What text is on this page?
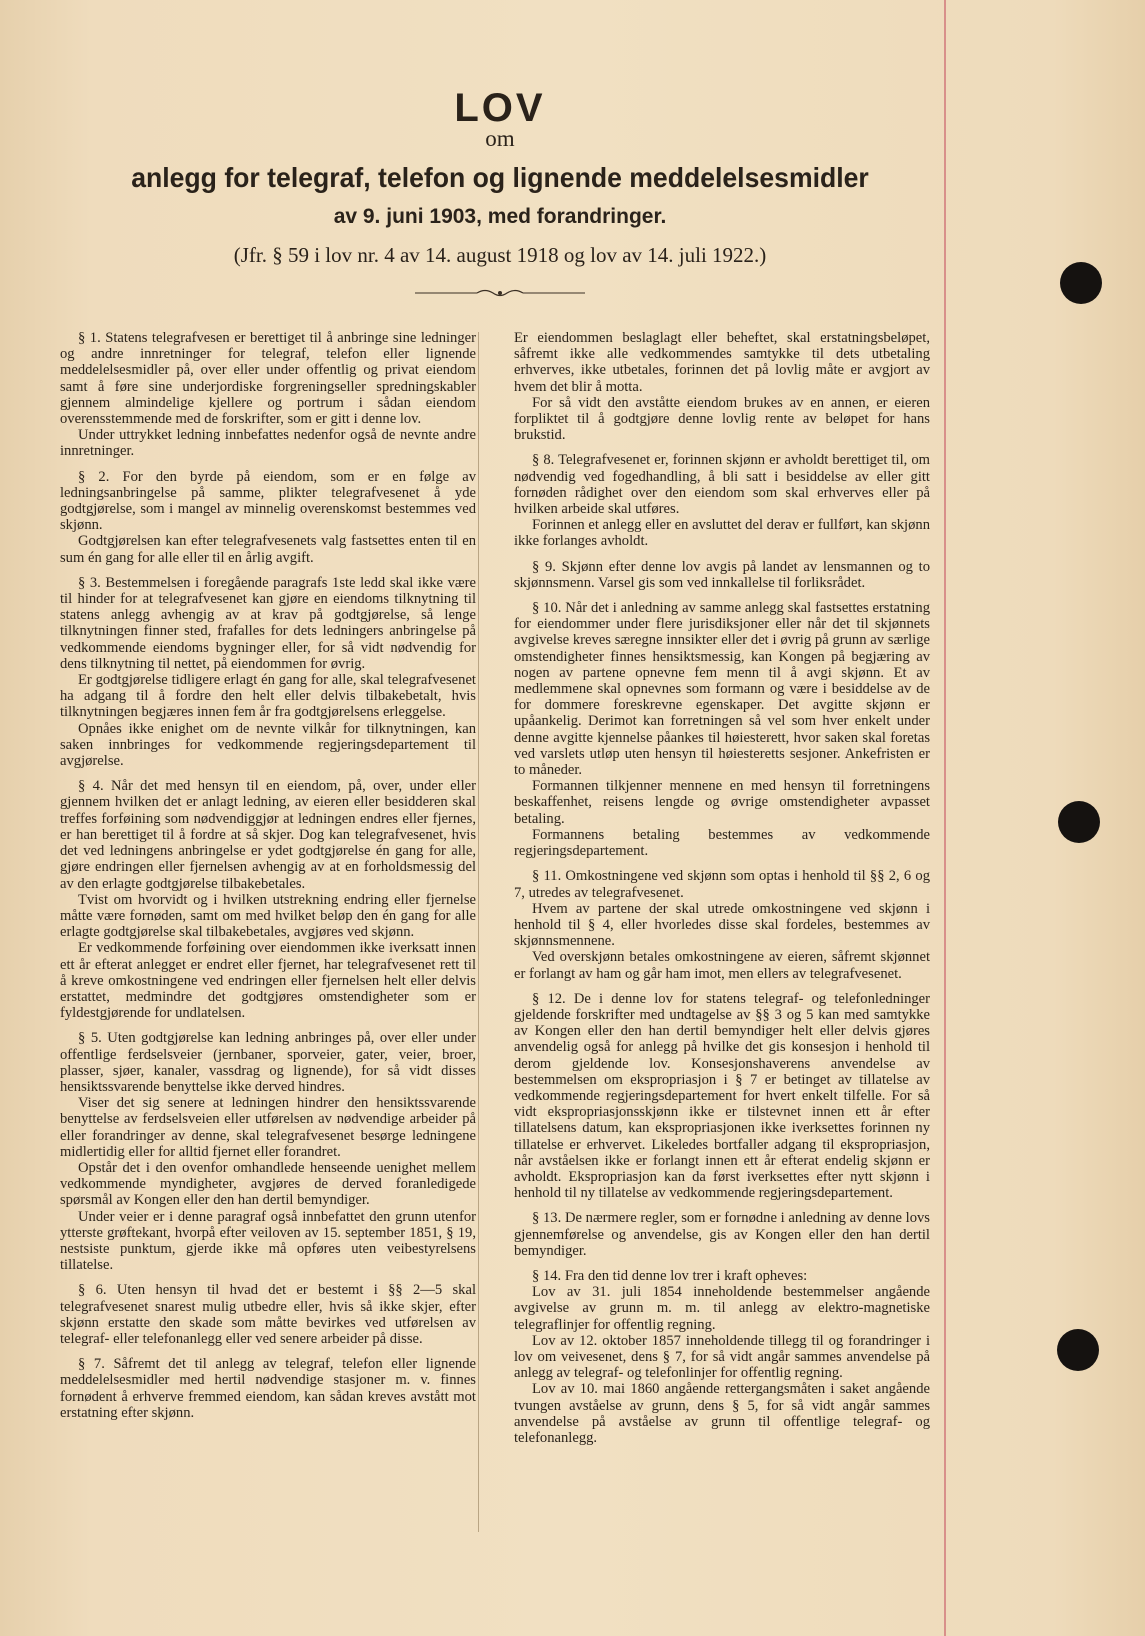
LOV
om
anlegg for telegraf, telefon og lignende meddelelsesmidler
av 9. juni 1903, med forandringer.
(Jfr. § 59 i lov nr. 4 av 14. august 1918 og lov av 14. juli 1922.)

§ 1. Statens telegrafvesen er berettiget til å anbringe sine ledninger og andre innretninger for telegraf, telefon eller lignende meddelelsesmidler på, over eller under offentlig og privat eiendom samt å føre sine underjordiske forgreningseller spredningskabler gjennem almindelige kjellere og portrum i sådan eiendom overensstemmende med de forskrifter, som er gitt i denne lov.

Under uttrykket ledning innbefattes nedenfor også de nevnte andre innretninger.

§ 2. For den byrde på eiendom, som er en følge av ledningsanbringelse på samme, plikter telegrafvesenet å yde godtgjørelse, som i mangel av minnelig overenskomst bestemmes ved skjønn.

Godtgjørelsen kan efter telegrafvesenets valg fastsettes enten til en sum én gang for alle eller til en årlig avgift.

§ 3. Bestemmelsen i foregående paragrafs 1ste ledd skal ikke være til hinder for at telegrafvesenet kan gjøre en eiendoms tilknytning til statens anlegg avhengig av at krav på godtgjørelse, så lenge tilknytningen finner sted, frafalles for dets ledningers anbringelse på vedkommende eiendoms bygninger eller, for så vidt nødvendig for dens tilknytning til nettet, på eiendommen for øvrig.

Er godtgjørelse tidligere erlagt én gang for alle, skal telegrafvesenet ha adgang til å fordre den helt eller delvis tilbakebetalt, hvis tilknytningen begjæres innen fem år fra godtgjørelsens erleggelse.

Opnåes ikke enighet om de nevnte vilkår for tilknytningen, kan saken innbringes for vedkommende regjeringsdepartement til avgjørelse.

§ 4. Når det med hensyn til en eiendom, på, over, under eller gjennem hvilken det er anlagt ledning, av eieren eller besidderen skal treffes forføining som nødvendiggjør at ledningen endres eller fjernes, er han berettiget til å fordre at så skjer. Dog kan telegrafvesenet, hvis det ved ledningens anbringelse er ydet godtgjørelse én gang for alle, gjøre endringen eller fjernelsen avhengig av at en forholdsmessig del av den erlagte godtgjørelse tilbakebetales.

Tvist om hvorvidt og i hvilken utstrekning endring eller fjernelse måtte være fornøden, samt om med hvilket beløp den én gang for alle erlagte godtgjørelse skal tilbakebetales, avgjøres ved skjønn.

Er vedkommende forføining over eiendommen ikke iverksatt innen ett år efterat anlegget er endret eller fjernet, har telegrafvesenet rett til å kreve omkostningene ved endringen eller fjernelsen helt eller delvis erstattet, medmindre det godtgjøres omstendigheter som er fyldestgjørende for undlatelsen.

§ 5. Uten godtgjørelse kan ledning anbringes på, over eller under offentlige ferdselsveier (jernbaner, sporveier, gater, veier, broer, plasser, sjøer, kanaler, vassdrag og lignende), for så vidt disses hensiktssvarende benyttelse ikke derved hindres.

Viser det sig senere at ledningen hindrer den hensiktssvarende benyttelse av ferdselsveien eller utførelsen av nødvendige arbeider på eller forandringer av denne, skal telegrafvesenet besørge ledningene midlertidig eller for alltid fjernet eller forandret.

Opstår det i den ovenfor omhandlede henseende uenighet mellem vedkommende myndigheter, avgjøres de derved foranledigede spørsmål av Kongen eller den han dertil bemyndiger.

Under veier er i denne paragraf også innbefattet den grunn utenfor ytterste grøftekant, hvorpå efter veiloven av 15. september 1851, § 19, nestsiste punktum, gjerde ikke må opføres uten veibestyrelsens tillatelse.

§ 6. Uten hensyn til hvad det er bestemt i §§ 2—5 skal telegrafvesenet snarest mulig utbedre eller, hvis så ikke skjer, efter skjønn erstatte den skade som måtte bevirkes ved utførelsen av telegraf- eller telefonanlegg eller ved senere arbeider på disse.

§ 7. Såfremt det til anlegg av telegraf, telefon eller lignende meddelelsesmidler med hertil nødvendige stasjoner m. v. finnes fornødent å erhverve fremmed eiendom, kan sådan kreves avstått mot erstatning efter skjønn.

Er eiendommen beslaglagt eller beheftet, skal erstatningsbeløpet, såfremt ikke alle vedkommendes samtykke til dets utbetaling erhverves, ikke utbetales, forinnen det på lovlig måte er avgjort av hvem det blir å motta.

For så vidt den avståtte eiendom brukes av en annen, er eieren forpliktet til å godtgjøre denne lovlig rente av beløpet for hans brukstid.

§ 8. Telegrafvesenet er, forinnen skjønn er avholdt berettiget til, om nødvendig ved fogedhandling, å bli satt i besiddelse av eller gitt fornøden rådighet over den eiendom som skal erhverves eller på hvilken arbeide skal utføres.

Forinnen et anlegg eller en avsluttet del derav er fullført, kan skjønn ikke forlanges avholdt.

§ 9. Skjønn efter denne lov avgis på landet av lensmannen og to skjønnsmenn. Varsel gis som ved innkallelse til forliksrådet.

§ 10. Når det i anledning av samme anlegg skal fastsettes erstatning for eiendommer under flere jurisdiksjoner eller når det til skjønnets avgivelse kreves særegne innsikter eller det i øvrig på grunn av særlige omstendigheter finnes hensiktsmessig, kan Kongen på begjæring av nogen av partene opnevne fem menn til å avgi skjønn. Et av medlemmene skal opnevnes som formann og være i besiddelse av de for dommere foreskrevne egenskaper. Det avgitte skjønn er upåankelig. Derimot kan forretningen så vel som hver enkelt under denne avgitte kjennelse påankes til høiesterett, hvor saken skal foretas ved varslets utløp uten hensyn til høiesteretts sesjoner. Ankefristen er to måneder.

Formannen tilkjenner mennene en med hensyn til forretningens beskaffenhet, reisens lengde og øvrige omstendigheter avpasset betaling.

Formannens betaling bestemmes av vedkommende regjeringsdepartement.

§ 11. Omkostningene ved skjønn som optas i henhold til §§ 2, 6 og 7, utredes av telegrafvesenet.

Hvem av partene der skal utrede omkostningene ved skjønn i henhold til § 4, eller hvorledes disse skal fordeles, bestemmes av skjønnsmennene.

Ved overskjønn betales omkostningene av eieren, såfremt skjønnet er forlangt av ham og går ham imot, men ellers av telegrafvesenet.

§ 12. De i denne lov for statens telegraf- og telefonledninger gjeldende forskrifter med undtagelse av §§ 3 og 5 kan med samtykke av Kongen eller den han dertil bemyndiger helt eller delvis gjøres anvendelig også for anlegg på hvilke det gis konsesjon i henhold til derom gjeldende lov. Konsesjonshaverens anvendelse av bestemmelsen om ekspropriasjon i § 7 er betinget av tillatelse av vedkommende regjeringsdepartement for hvert enkelt tilfelle. For så vidt ekspropriasjonsskjønn ikke er tilstevnet innen ett år efter tillatelsens datum, kan ekspropriasjonen ikke iverksettes forinnen ny tillatelse er erhvervet. Likeledes bortfaller adgang til ekspropriasjon, når avståelsen ikke er forlangt innen ett år efterat endelig skjønn er avholdt. Ekspropriasjon kan da først iverksettes efter nytt skjønn i henhold til ny tillatelse av vedkommende regjeringsdepartement.

§ 13. De nærmere regler, som er fornødne i anledning av denne lovs gjennemførelse og anvendelse, gis av Kongen eller den han dertil bemyndiger.

§ 14. Fra den tid denne lov trer i kraft opheves:

Lov av 31. juli 1854 inneholdende bestemmelser angående avgivelse av grunn m. m. til anlegg av elektro-magnetiske telegraflinjer for offentlig regning.

Lov av 12. oktober 1857 inneholdende tillegg til og forandringer i lov om veivesenet, dens § 7, for så vidt angår sammes anvendelse på anlegg av telegraf- og telefonlinjer for offentlig regning.

Lov av 10. mai 1860 angående rettergangsmåten i saket angående tvungen avståelse av grunn, dens § 5, for så vidt angår sammes anvendelse på avståelse av grunn til offentlige telegraf- og telefonanlegg.
